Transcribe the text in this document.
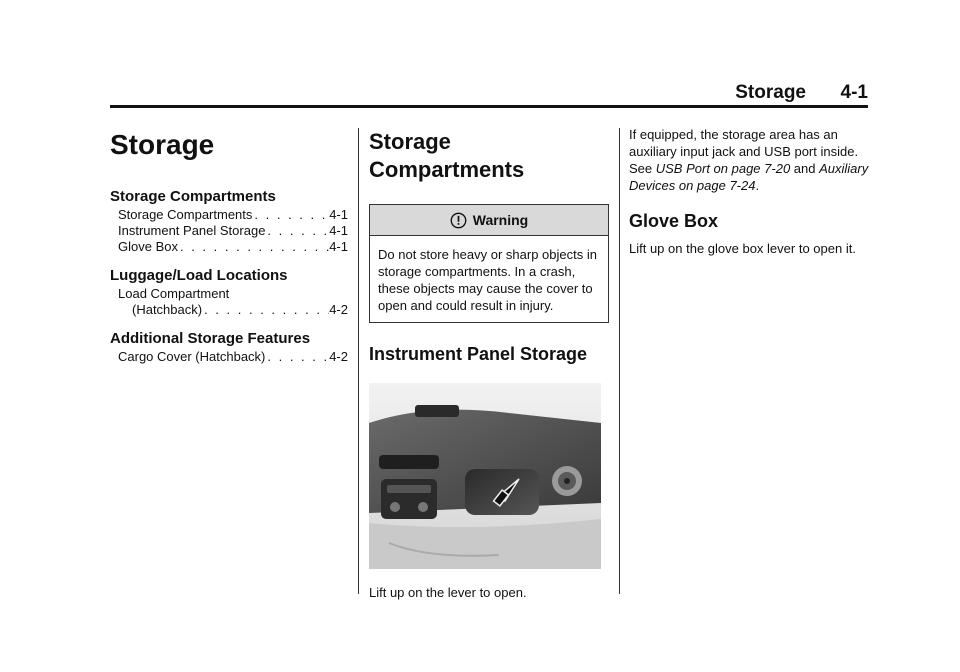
Storage 4-1
Storage
Storage Compartments
Storage Compartments . . .	4-1
Instrument Panel Storage . . .	4-1
Glove Box . . .	4-1
Luggage/Load Locations
Load Compartment
(Hatchback) . . .	4-2
Additional Storage Features
Cargo Cover (Hatchback) . . .	4-2
Storage
Compartments
Warning
Do not store heavy or sharp objects in storage compartments. In a crash, these objects may cause the cover to open and could result in injury.
Instrument Panel Storage
Lift up on the lever to open.

If equipped, the storage area has an auxiliary input jack and USB port inside. See USB Port on page 7-20 and Auxiliary Devices on page 7-24.

Glove Box

Lift up on the glove box lever to open it.
